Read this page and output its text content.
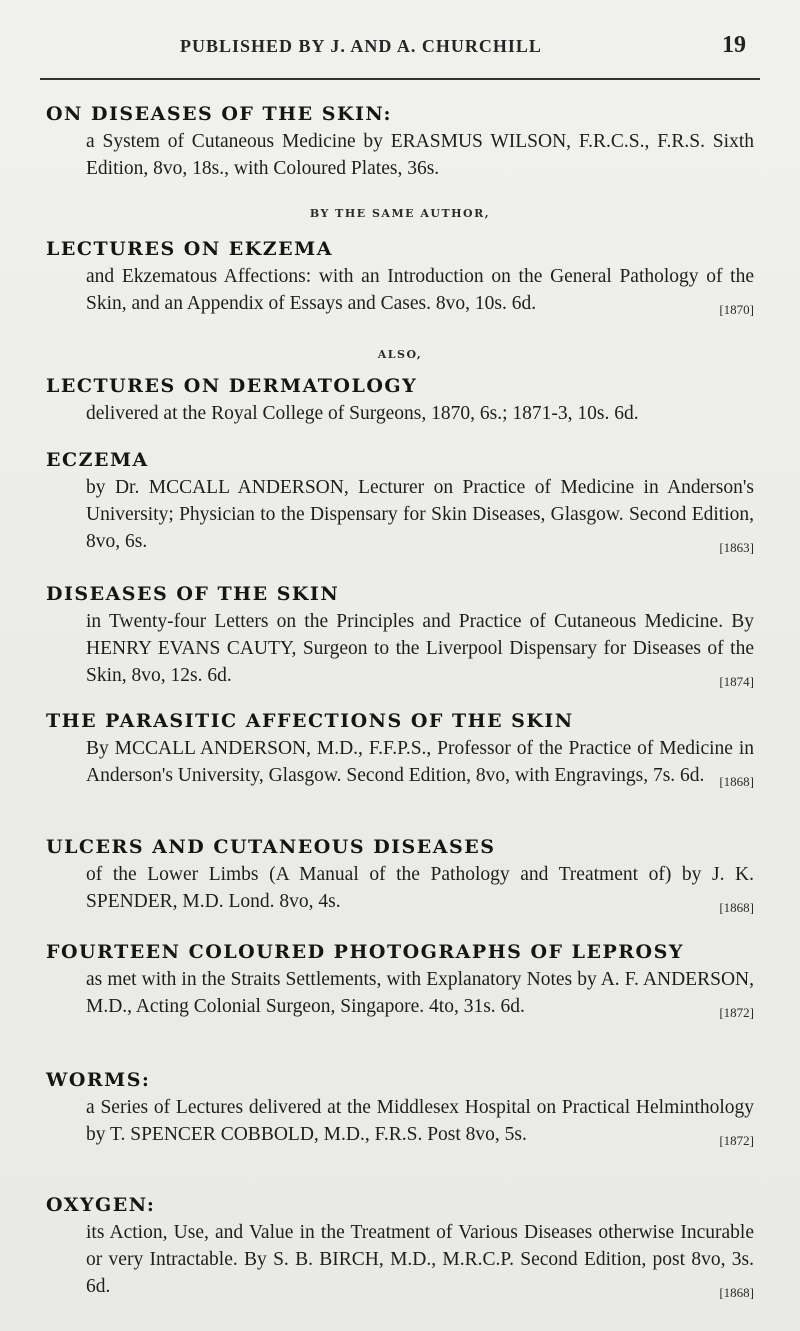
PUBLISHED BY J. AND A. CHURCHILL	19
ON DISEASES OF THE SKIN:
a System of Cutaneous Medicine by ERASMUS WILSON, F.R.C.S., F.R.S. Sixth Edition, 8vo, 18s., with Coloured Plates, 36s.
BY THE SAME AUTHOR,
LECTURES ON EKZEMA
and Ekzematous Affections: with an Introduction on the General Pathology of the Skin, and an Appendix of Essays and Cases. 8vo, 10s. 6d.	[1870]
ALSO,
LECTURES ON DERMATOLOGY
delivered at the Royal College of Surgeons, 1870, 6s.; 1871-3, 10s. 6d.
ECZEMA
by Dr. MCCALL ANDERSON, Lecturer on Practice of Medicine in Anderson's University; Physician to the Dispensary for Skin Diseases, Glasgow. Second Edition, 8vo, 6s.	[1863]
DISEASES OF THE SKIN
in Twenty-four Letters on the Principles and Practice of Cutaneous Medicine. By HENRY EVANS CAUTY, Surgeon to the Liverpool Dispensary for Diseases of the Skin, 8vo, 12s. 6d.	[1874]
THE PARASITIC AFFECTIONS OF THE SKIN
By MCCALL ANDERSON, M.D., F.F.P.S., Professor of the Practice of Medicine in Anderson's University, Glasgow. Second Edition, 8vo, with Engravings, 7s. 6d. [1868]
ULCERS AND CUTANEOUS DISEASES
of the Lower Limbs (A Manual of the Pathology and Treatment of) by J. K. SPENDER, M.D. Lond. 8vo, 4s.	[1868]
FOURTEEN COLOURED PHOTOGRAPHS OF LEPROSY
as met with in the Straits Settlements, with Explanatory Notes by A. F. ANDERSON, M.D., Acting Colonial Surgeon, Singapore. 4to, 31s. 6d.	[1872]
WORMS:
a Series of Lectures delivered at the Middlesex Hospital on Practical Helminthology by T. SPENCER COBBOLD, M.D., F.R.S. Post 8vo, 5s.	[1872]
OXYGEN:
its Action, Use, and Value in the Treatment of Various Diseases otherwise Incurable or very Intractable. By S. B. BIRCH, M.D., M.R.C.P. Second Edition, post 8vo, 3s. 6d.	[1868]
